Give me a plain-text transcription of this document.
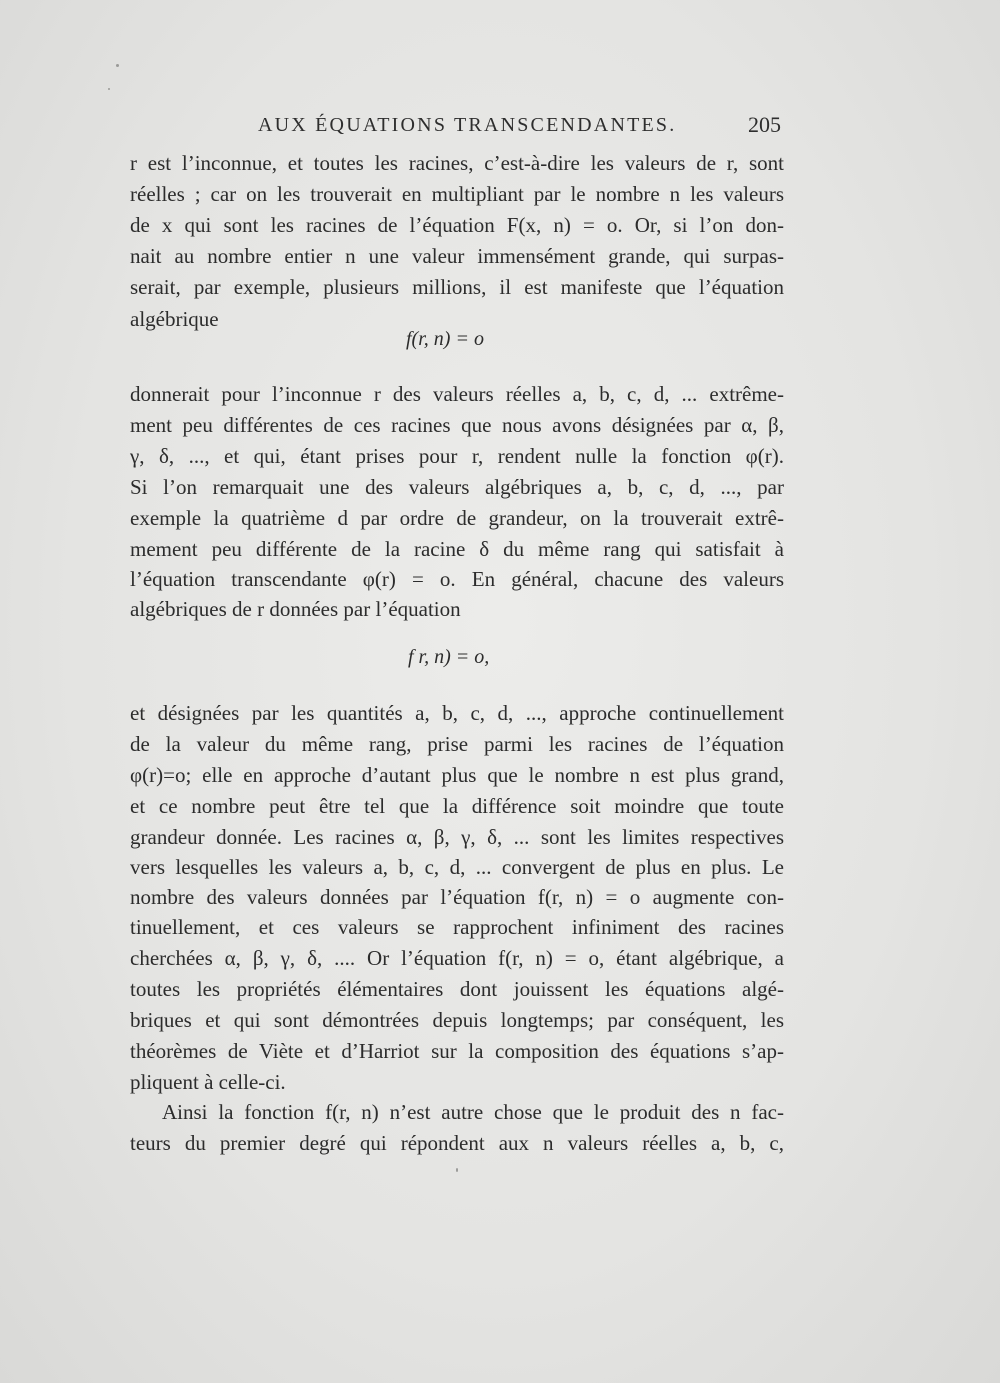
AUX ÉQUATIONS TRANSCENDANTES.	205
r est l’inconnue, et toutes les racines, c’est-à-dire les valeurs de r, sont
réelles ; car on les trouverait en multipliant par le nombre n les valeurs
de x qui sont les racines de l’équation F(x, n) = o. Or, si l’on don-
nait au nombre entier n une valeur immensément grande, qui surpas-
serait, par exemple, plusieurs millions, il est manifeste que l’équation
algébrique
f(r, n) = o
donnerait pour l’inconnue r des valeurs réelles a, b, c, d, ... extrême-
ment peu différentes de ces racines que nous avons désignées par α, β,
γ, δ, ..., et qui, étant prises pour r, rendent nulle la fonction φ(r).
Si l’on remarquait une des valeurs algébriques a, b, c, d, ..., par
exemple la quatrième d par ordre de grandeur, on la trouverait extrê-
mement peu différente de la racine δ du même rang qui satisfait à
l’équation transcendante φ(r) = o. En général, chacune des valeurs
algébriques de r données par l’équation
f r, n) = o,
et désignées par les quantités a, b, c, d, ..., approche continuellement
de la valeur du même rang, prise parmi les racines de l’équation
φ(r)=o; elle en approche d’autant plus que le nombre n est plus grand,
et ce nombre peut être tel que la différence soit moindre que toute
grandeur donnée. Les racines α, β, γ, δ, ... sont les limites respectives
vers lesquelles les valeurs a, b, c, d, ... convergent de plus en plus. Le
nombre des valeurs données par l’équation f(r, n) = o augmente con-
tinuellement, et ces valeurs se rapprochent infiniment des racines
cherchées α, β, γ, δ, .... Or l’équation f(r, n) = o, étant algébrique, a
toutes les propriétés élémentaires dont jouissent les équations algé-
briques et qui sont démontrées depuis longtemps; par conséquent, les
théorèmes de Viète et d’Harriot sur la composition des équations s’ap-
pliquent à celle-ci.
Ainsi la fonction f(r, n) n’est autre chose que le produit des n fac-
teurs du premier degré qui répondent aux n valeurs réelles a, b, c,
